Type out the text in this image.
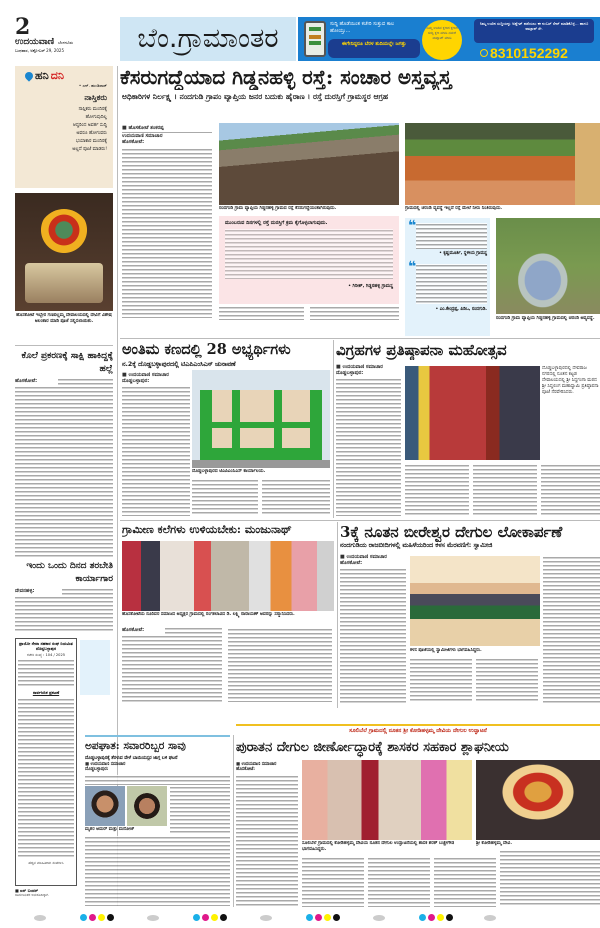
2
ಉದಯವಾಣಿ ಬೆಂಗಳೂರು
ಬುಧವಾರ, ಅಕ್ಟೋಬರ್ 29, 2025	ಬೆಂ.ಗ್ರಾಮಾಂತರ	ಸುದ್ದಿ ಹೊಡೆಯಿಂತ ಕಚೇರಿ ಸುತ್ತುವ ಕಾಲ ಹೋಯ್ತು...
ಈಗೇನಿದ್ದರೂ ಬೆರಳ ತುದಿಯಲ್ಲೇ ಜಗತ್ತು
ನಿಮ್ಮ ಊರಿನ ಕ್ಷಣದ ಕ್ಷಣದ ಸುದ್ದಿ ಕ್ಷಣ ಮಾಡಿ ನಮಗೆ ವಾಟ್ಸಾಪ್ ಮಾಡಿ
ನಿಮ್ಮ ಊರಿನ ಸುದ್ದಿಯನ್ನು ಅಪ್ಡೇಟ್ ಪಡೆಯಲು ಈ ನಂಬರ್ ಸೇವ್ ಮಾಡಿಕೊಳ್ಳಿ... ಹಾಗೂ ವಾಟ್ಸಾಪ್ ಸೇ.
8310152292
ಹನಿ ದನಿ
• ಎನ್. ಹುಂಡಿರಾಜ್
ನಾಸ್ತಿಕರು
ನಾಸ್ತಿಕರು ಮಂದಿರಕ್ಕೆ
ಹೋಗುವುದಿಲ್ಲ
ಆದ್ದರಿಂದ ಅವರ್ತ ಸುದ್ದಿ
ಅವರೂ ಹೋಗುವರು
ಭಯಾಕಾರ ಮಂದಿರಕ್ಕೆ
ಅಲ್ಲದೆ ಪೂಜೆ ಮಾಡರು!
ಹೊಸಕೋಟೆ ಇಬ್ಬೇರ ಗಣಪಲ್ಲಮ್ಮ ದೇವಾಲಯದಲ್ಲಿ ದೇವಿಗೆ ವಿಶೇಷ ಅಲಂಕಾರ ಮಾಡಿ ಪೂಜೆ ಸಲ್ಲಿಸಲಾಯಿತು.
ಕೊಲೆ ಪ್ರಕರಣಕ್ಕೆ ಸಾಕ್ಷಿ ಹಾಕಿದ್ದಕ್ಕೆ ಹಲ್ಲೆ
ಹೊಸಕೋಟೆ:
ಇಂದು ಒಂದು ದಿನದ ತರಬೇತಿ ಕಾರ್ಯಾಗಾರ
ದೇವನಹಳ್ಳಿ:
ಪ್ರಾಯೋ ಸೇವಾ ಸಹಕಾರ ಸಂಘ ನಿಯಮಿತ ದೊಡ್ಡಬಳ್ಳಾಪುರ
ಕಚೇರಿ ಸಂಖ್ಯೆ : 104 / 2025
ಸಾರ್ವಜನಿಕ ಪ್ರಕಟಣೆ
ಹೆಚ್ಚಿನ ಮಾಹಿತಿಗಾಗಿ ಸಂಪರ್ಕಿಸಿ
■ ಐಸ್ ಬಂದರ್
ಸಾರ್ವಜನಿಕರ ಅನುಕೂಲಕ್ಕಾಗಿ
ಕೆಸರುಗದ್ದೆಯಾದ ಗಿಡ್ಡನಹಳ್ಳಿ ರಸ್ತೆ: ಸಂಚಾರ ಅಸ್ತವ್ಯಸ್ತ
ಅಧಿಕಾರಿಗಳ ನಿರ್ಲಕ್ಷ್ಯ । ನಂದಗುಡಿ ಗ್ರಾಪಂ ವ್ಯಾಪ್ತಿಯ ಜನರ ಬದುಕು ಹೈರಾಣ । ರಸ್ತೆ ದುರಸ್ತಿಗೆ ಗ್ರಾಮಸ್ಥರ ಆಗ್ರಹ
■ ಹೊಸಕೋಟೆ ಶಂಕರಪ್ಪ
ಉದಯವಾಣಿ ಸಮಾಚಾರ
ಹೊಸಕೋಟೆ:
ನಂದಗುಡಿ ಗ್ರಾಮ ವ್ಯಾಪ್ತಿಯ ಗಿಡ್ಡನಹಳ್ಳಿ ಗ್ರಾಮದ ರಸ್ತೆ ಕೆಸರುಗದ್ದೆಯಂತಾಗಿರುವುದು.	ಗ್ರಾಮದಲ್ಲಿ ಚರಂಡಿ ವ್ಯವಸ್ಥೆ ಇಲ್ಲದೆ ರಸ್ತೆ ಮೇಲೆ ನೀರು ನಿಂತಿರುವುದು.
ಮುಂಬರುವ ದಿನಗಳಲ್ಲಿ ರಸ್ತೆ ದುರಸ್ತಿಗೆ ಕ್ರಮ ಕೈಗೊಳ್ಳಲಾಗುವುದು.
• ಗಿರೀಶ್, ಗಿಡ್ಡನಹಳ್ಳಿ ಗ್ರಾಮಸ್ಥ
❝
• ಕೃಷ್ಣಮೂರ್ತಿ, ಸ್ಥಳೀಯ ಗ್ರಾಮಸ್ಥ
❝
• ಎಂ.ಕೇಂದ್ರಪ್ಪ, ಪಿಡಿಒ, ನಂದಗುಡಿ.
ನಂದಗುಡಿ ಗ್ರಾಮ ವ್ಯಾಪ್ತಿಯ ಗಿಡ್ಡನಹಳ್ಳಿ ಗ್ರಾಮದಲ್ಲಿ ಚರಂಡಿ ಅವ್ಯವಸ್ಥೆ.
ಅಂತಿಮ ಕಣದಲ್ಲಿ 28 ಅಭ್ಯರ್ಥಿಗಳು
ನ.2ಕ್ಕೆ ದೊಡ್ಡಬಳ್ಳಾಪುರದಲ್ಲಿ ಟಿಎಪಿಎಂಸಿಎಸ್ ಚುನಾವಣೆ
■ ಉದಯವಾಣಿ ಸಮಾಚಾರ
ದೊಡ್ಡಬಳ್ಳಾಪುರ:
ದೊಡ್ಡಬಳ್ಳಾಪುರದ ಟಿಎಪಿಎಂಸಿಎಸ್ ಕಾರ್ಯಾಲಯ.
ವಿಗ್ರಹಗಳ ಪ್ರತಿಷ್ಠಾಪನಾ ಮಹೋತ್ಸವ
■ ಉದಯವಾಣಿ ಸಮಾಚಾರ
ದೊಡ್ಡಬಳ್ಳಾಪುರ:
ದೊಡ್ಡಬಳ್ಳಾಪುರದಲ್ಲಿ ದೇವರಾಜ ನಗರದಲ್ಲಿ ನೂತನ ಕಟ್ಟಡ ದೇವಾಲಯದಲ್ಲಿ ಶ್ರೀ ಸಿದ್ದಗಂಗಾ ಮಠದ ಶ್ರೀ ಸಿದ್ದಲಿಂಗ ಮಹಾಸ್ವಾಮಿ ಪ್ರತಿಷ್ಠಾಪನಾ ಪೂಜೆ ನೆರವೇರಿಸಿದರು.
ಗ್ರಾಮೀಣ ಕಲೆಗಳು ಉಳಿಯಬೇಕು: ಮಂಜುನಾಥ್
ಹೊಸಕೋಟೆಯ ನೂರಿವರ ಸಮಾಜದ ಅಧ್ಯಕ್ಷರ ಗ್ರಾಮದಲ್ಲಿ ರಂಗಕಲಾವಿದ ಡಿ. ಲಕ್ಷ್ಮಿ ನಾರಾಯಣ್ ಅವರನ್ನು ಸನ್ಮಾನಿಸಿದರು.
ಹೊಸಕೋಟೆ:
3ಕ್ಕೆ ನೂತನ ಬೀರೇಶ್ವರ ದೇಗುಲ ಲೋಕಾರ್ಪಣೆ
ನಂದಗುಡಿಯ ರಾಜಬೀದಿಗಳಲ್ಲಿ ಮಹಿಳೆಯರಿಂದ ಕಳಸ ಮೆರವಣಿಗೆ: ಸ್ವಾಮೀಜಿ
■ ಉದಯವಾಣಿ ಸಮಾಚಾರ
ಹೊಸಕೋಟೆ:
ಕಳಸ ಪೂಜೆಯಲ್ಲಿ ಸ್ವಾಮೀಜಿಗಳು ಭಾಗವಹಿಸಿದ್ದರು.
ಅಪಘಾತ: ಸವಾರರಿಬ್ಬರ ಸಾವು
ದೊಡ್ಡಬಳ್ಳಾಪುರಕ್ಕೆ ತೆರಳುವ ವೇಳೆ ಬಾಯಿಯಸ್ಸರ ಜಾಗ್ಗ ಬಳಿ ಘಟನೆ
■ ಉದಯವಾಣಿ ಸಮಾಚಾರ
ದೊಡ್ಡಬಳ್ಳಾಪುರ:
ಮೃತರ ಅಮರ್ ಮತ್ತು ಮನೋಜ್
ಸೂಲಿಬೆಲೆ ಗ್ರಾಮದಲ್ಲಿ ನೂತನ ಶ್ರೀ ಕೋಡಿಹಳ್ಳಮ್ಮ ದೇವಿಯ ದೇಗುಲ ಉದ್ಘಾಟನೆ
ಪುರಾತನ ದೇಗುಲ ಜೀರ್ಣೋದ್ಧಾರಕ್ಕೆ ಶಾಸಕರ ಸಹಕಾರ ಶ್ಲಾಘನೀಯ
■ ಉದಯವಾಣಿ ಸಮಾಚಾರ
ಹೊಸಕೋಟೆ:
ಸೂಲಿಬೆಲೆ ಗ್ರಾಮದಲ್ಲಿ ಕೋಡಿಹಳ್ಳಮ್ಮ ದೇವಿಯ ನೂತನ ದೇಗುಲ ಉದ್ಘಾಟನೆಯಲ್ಲಿ ಶಾಸಕ ಶರತ್ ಬಚ್ಚೇಗೌಡ ಭಾಗವಹಿಸಿದ್ದರು.
ಶ್ರೀ ಕೋಡಿಹಳ್ಳಮ್ಮ ದೇವಿ.
